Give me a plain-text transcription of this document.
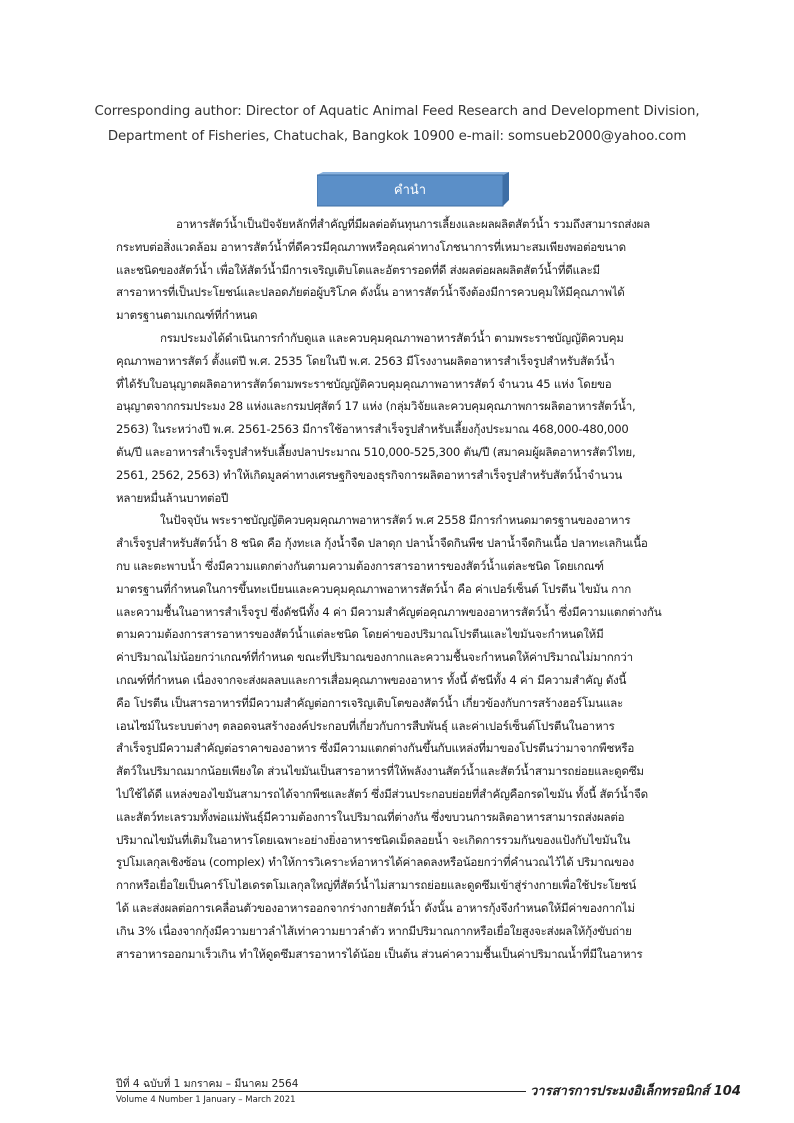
Corresponding author: Director of Aquatic Animal Feed Research and Development Division,
Department of Fisheries, Chatuchak, Bangkok 10900 e-mail: somsueb2000@yahoo.com
คำนำ

อาหารสัตว์น้ำเป็นปัจจัยหลักที่สำคัญที่มีผลต่อต้นทุนการเลี้ยงและผลผลิตสัตว์น้ำ รวมถึงสามารถส่งผล
กระทบต่อสิ่งแวดล้อม อาหารสัตว์น้ำที่ดีควรมีคุณภาพหรือคุณค่าทางโภชนาการที่เหมาะสมเพียงพอต่อขนาด
และชนิดของสัตว์น้ำ เพื่อให้สัตว์น้ำมีการเจริญเติบโตและอัตรารอดที่ดี ส่งผลต่อผลผลิตสัตว์น้ำที่ดีและมี
สารอาหารที่เป็นประโยชน์และปลอดภัยต่อผู้บริโภค ดังนั้น อาหารสัตว์น้ำจึงต้องมีการควบคุมให้มีคุณภาพได้
มาตรฐานตามเกณฑ์ที่กำหนด

กรมประมงได้ดำเนินการกำกับดูแล และควบคุมคุณภาพอาหารสัตว์น้ำ ตามพระราชบัญญัติควบคุม
คุณภาพอาหารสัตว์ ตั้งแต่ปี พ.ศ. 2535 โดยในปี พ.ศ. 2563 มีโรงงานผลิตอาหารสำเร็จรูปสำหรับสัตว์น้ำ
ที่ได้รับใบอนุญาตผลิตอาหารสัตว์ตามพระราชบัญญัติควบคุมคุณภาพอาหารสัตว์ จำนวน 45 แห่ง โดยขอ
อนุญาตจากกรมประมง 28 แห่งและกรมปศุสัตว์ 17 แห่ง (กลุ่มวิจัยและควบคุมคุณภาพการผลิตอาหารสัตว์น้ำ,
2563) ในระหว่างปี พ.ศ. 2561-2563 มีการใช้อาหารสำเร็จรูปสำหรับเลี้ยงกุ้งประมาณ 468,000-480,000
ตัน/ปี และอาหารสำเร็จรูปสำหรับเลี้ยงปลาประมาณ 510,000-525,300 ตัน/ปี (สมาคมผู้ผลิตอาหารสัตว์ไทย,
2561, 2562, 2563) ทำให้เกิดมูลค่าทางเศรษฐกิจของธุรกิจการผลิตอาหารสำเร็จรูปสำหรับสัตว์น้ำจำนวน
หลายหมื่นล้านบาทต่อปี

ในปัจจุบัน พระราชบัญญัติควบคุมคุณภาพอาหารสัตว์ พ.ศ 2558 มีการกำหนดมาตรฐานของอาหาร
สำเร็จรูปสำหรับสัตว์น้ำ 8 ชนิด คือ กุ้งทะเล กุ้งน้ำจืด ปลาดุก ปลาน้ำจืดกินพืช ปลาน้ำจืดกินเนื้อ ปลาทะเลกินเนื้อ
กบ และตะพาบน้ำ ซึ่งมีความแตกต่างกันตามความต้องการสารอาหารของสัตว์น้ำแต่ละชนิด โดยเกณฑ์
มาตรฐานที่กำหนดในการขึ้นทะเบียนและควบคุมคุณภาพอาหารสัตว์น้ำ คือ ค่าเปอร์เซ็นต์ โปรตีน ไขมัน กาก
และความชื้นในอาหารสำเร็จรูป ซึ่งดัชนีทั้ง 4 ค่า มีความสำคัญต่อคุณภาพของอาหารสัตว์น้ำ ซึ่งมีความแตกต่างกัน
ตามความต้องการสารอาหารของสัตว์น้ำแต่ละชนิด โดยค่าของปริมาณโปรตีนและไขมันจะกำหนดให้มี
ค่าปริมาณไม่น้อยกว่าเกณฑ์ที่กำหนด ขณะที่ปริมาณของกากและความชื้นจะกำหนดให้ค่าปริมาณไม่มากกว่า
เกณฑ์ที่กำหนด เนื่องจากจะส่งผลลบและการเสื่อมคุณภาพของอาหาร ทั้งนี้ ดัชนีทั้ง 4 ค่า มีความสำคัญ ดังนี้
คือ โปรตีน เป็นสารอาหารที่มีความสำคัญต่อการเจริญเติบโตของสัตว์น้ำ เกี่ยวข้องกับการสร้างฮอร์โมนและ
เอนไซม์ในระบบต่างๆ ตลอดจนสร้างองค์ประกอบที่เกี่ยวกับการสืบพันธุ์ และค่าเปอร์เซ็นต์โปรตีนในอาหาร
สำเร็จรูปมีความสำคัญต่อราคาของอาหาร ซึ่งมีความแตกต่างกันขึ้นกับแหล่งที่มาของโปรตีนว่ามาจากพืชหรือ
สัตว์ในปริมาณมากน้อยเพียงใด ส่วนไขมันเป็นสารอาหารที่ให้พลังงานสัตว์น้ำและสัตว์น้ำสามารถย่อยและดูดซึม
ไปใช้ได้ดี แหล่งของไขมันสามารถได้จากพืชและสัตว์ ซึ่งมีส่วนประกอบย่อยที่สำคัญคือกรดไขมัน ทั้งนี้ สัตว์น้ำจืด
และสัตว์ทะเลรวมทั้งพ่อแม่พันธุ์มีความต้องการในปริมาณที่ต่างกัน ซึ่งขบวนการผลิตอาหารสามารถส่งผลต่อ
ปริมาณไขมันที่เติมในอาหารโดยเฉพาะอย่างยิ่งอาหารชนิดเม็ดลอยน้ำ จะเกิดการรวมกันของแป้งกับไขมันใน
รูปโมเลกุลเชิงซ้อน (complex) ทำให้การวิเคราะห์อาหารได้ค่าลดลงหรือน้อยกว่าที่คำนวณไว้ได้ ปริมาณของ
กากหรือเยื่อใยเป็นคาร์โบไฮเดรตโมเลกุลใหญ่ที่สัตว์น้ำไม่สามารถย่อยและดูดซึมเข้าสู่ร่างกายเพื่อใช้ประโยชน์
ได้ และส่งผลต่อการเคลื่อนตัวของอาหารออกจากร่างกายสัตว์น้ำ ดังนั้น อาหารกุ้งจึงกำหนดให้มีค่าของกากไม่
เกิน 3% เนื่องจากกุ้งมีความยาวลำไส้เท่าความยาวลำตัว หากมีปริมาณกากหรือเยื่อใยสูงจะส่งผลให้กุ้งขับถ่าย
สารอาหารออกมาเร็วเกิน ทำให้ดูดซึมสารอาหารได้น้อย เป็นต้น ส่วนค่าความชื้นเป็นค่าปริมาณน้ำที่มีในอาหาร

ปีที่ 4 ฉบับที่ 1 มกราคม – มีนาคม 2564
Volume 4 Number 1 January – March 2021
วารสารการประมงอิเล็กทรอนิกส์ 104
